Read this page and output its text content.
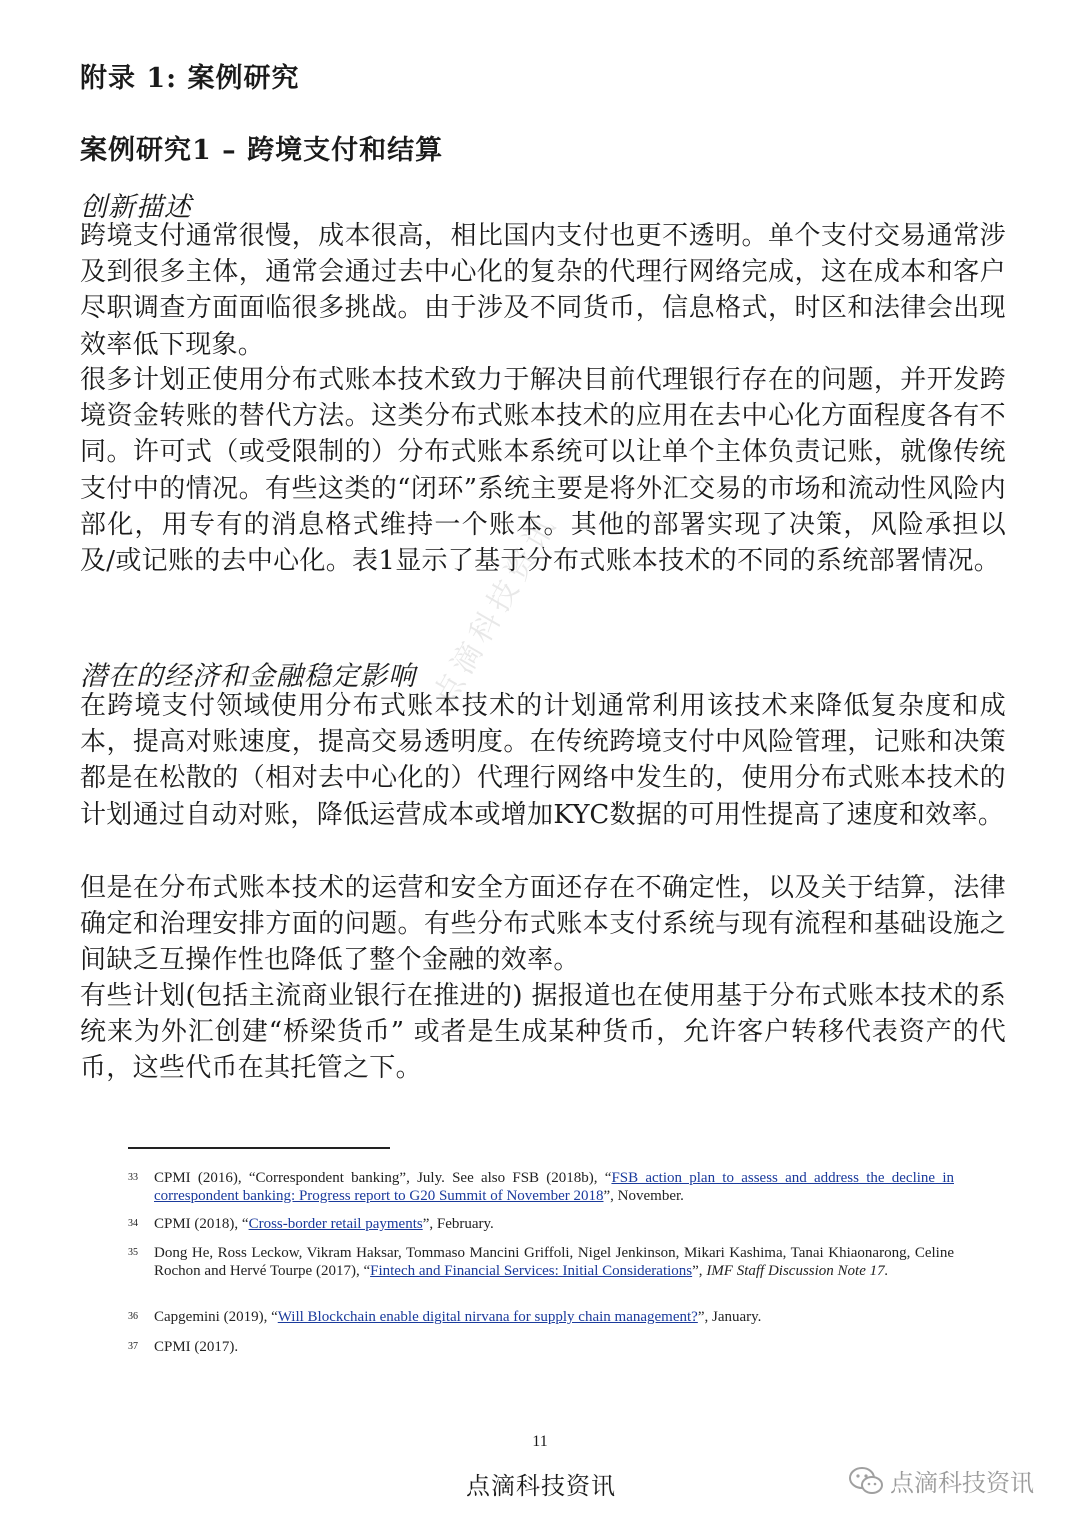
附录 1: 案例研究
案例研究1 – 跨境支付和结算
创新描述
跨境支付通常很慢，成本很高，相比国内支付也更不透明。单个支付交易通常涉及到很多主体，通常会通过去中心化的复杂的代理行网络完成，这在成本和客户尽职调查方面面临很多挑战。由于涉及不同货币，信息格式，时区和法律会出现效率低下现象。
很多计划正使用分布式账本技术致力于解决目前代理银行存在的问题，并开发跨境资金转账的替代方法。这类分布式账本技术的应用在去中心化方面程度各有不同。许可式（或受限制的）分布式账本系统可以让单个主体负责记账，就像传统支付中的情况。有些这类的“闭环”系统主要是将外汇交易的市场和流动性风险内部化，用专有的消息格式维持一个账本。其他的部署实现了决策，风险承担以及/或记账的去中心化。表1显示了基于分布式账本技术的不同的系统部署情况。
潜在的经济和金融稳定影响
在跨境支付领域使用分布式账本技术的计划通常利用该技术来降低复杂度和成本，提高对账速度，提高交易透明度。在传统跨境支付中风险管理，记账和决策都是在松散的（相对去中心化的）代理行网络中发生的，使用分布式账本技术的计划通过自动对账，降低运营成本或增加KYC数据的可用性提高了速度和效率。
但是在分布式账本技术的运营和安全方面还存在不确定性，以及关于结算，法律确定和治理安排方面的问题。有些分布式账本支付系统与现有流程和基础设施之间缺乏互操作性也降低了整个金融的效率。
有些计划(包括主流商业银行在推进的) 据报道也在使用基于分布式账本技术的系统来为外汇创建“桥梁货币” 或者是生成某种货币，允许客户转移代表资产的代币，这些代币在其托管之下。
点滴科技资讯
33 CPMI (2016), “Correspondent banking”, July. See also FSB (2018b), “FSB action plan to assess and address the decline in correspondent banking: Progress report to G20 Summit of November 2018”, November.
34 CPMI (2018), “Cross-border retail payments”, February.
35 Dong He, Ross Leckow, Vikram Haksar, Tommaso Mancini Griffoli, Nigel Jenkinson, Mikari Kashima, Tanai Khiaonarong, Celine Rochon and Hervé Tourpe (2017), “Fintech and Financial Services: Initial Considerations”, IMF Staff Discussion Note 17.
36 Capgemini (2019), “Will Blockchain enable digital nirvana for supply chain management?”, January.
37 CPMI (2017).
11
点滴科技资讯	点滴科技资讯
